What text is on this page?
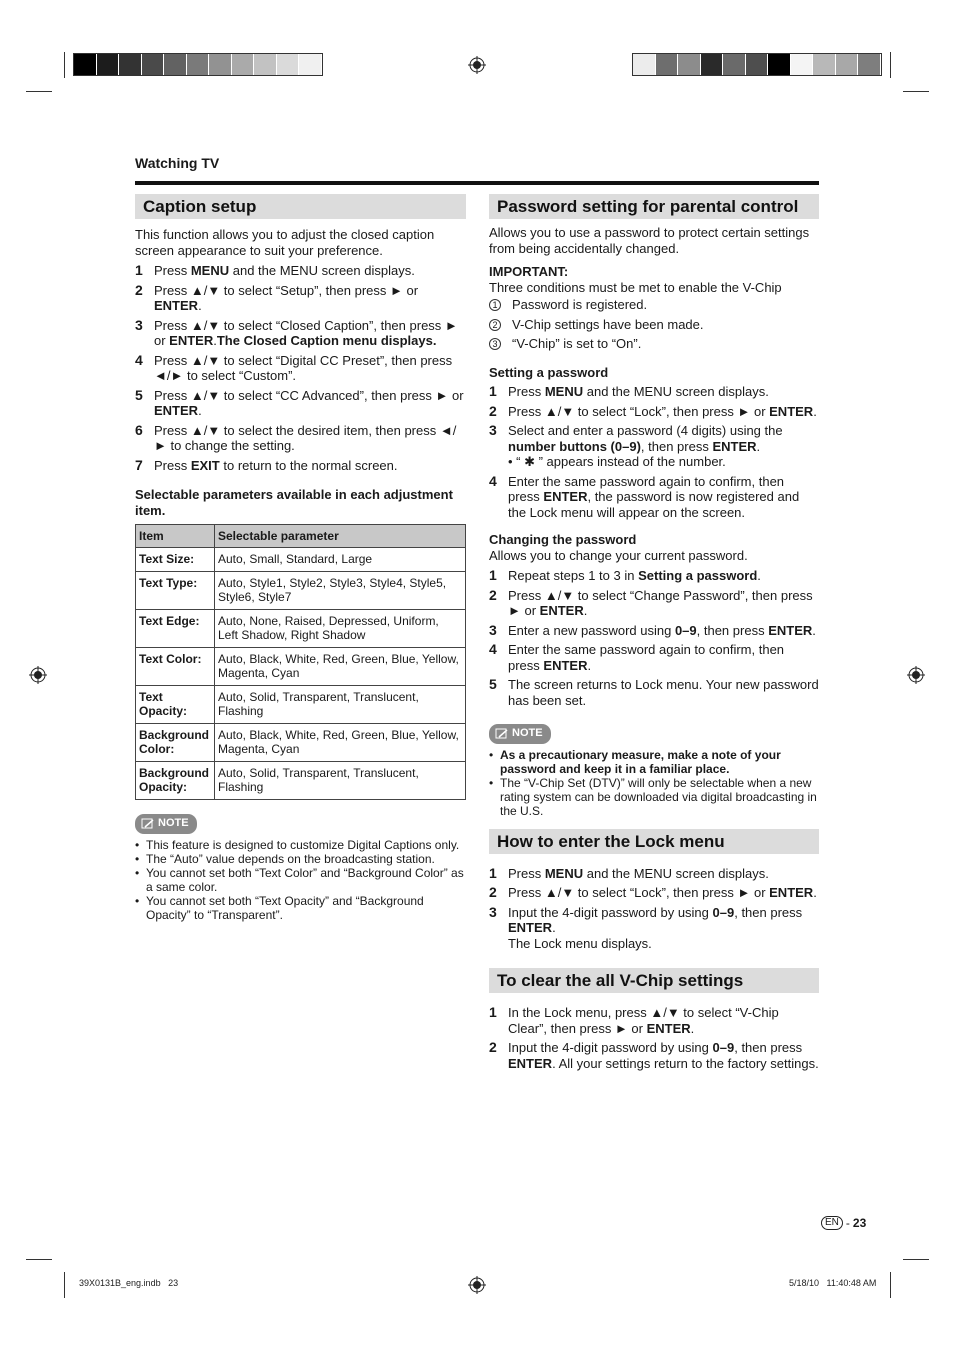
Watching TV
Caption setup
This function allows you to adjust the closed caption screen appearance to suit your preference.
1 Press MENU and the MENU screen displays.
2 Press ▲/▼ to select “Setup”, then press ► or ENTER.
3 Press ▲/▼ to select “Closed Caption”, then press ► or ENTER.The Closed Caption menu displays.
4 Press ▲/▼ to select “Digital CC Preset”, then press ◄/► to select “Custom”.
5 Press ▲/▼ to select “CC Advanced”, then press ► or ENTER.
6 Press ▲/▼ to select the desired item, then press ◄/► to change the setting.
7 Press EXIT to return to the normal screen.
Selectable parameters available in each adjustment item.
Item	Selectable parameter
Text Size:	Auto, Small, Standard, Large
Text Type:	Auto, Style1, Style2, Style3, Style4, Style5, Style6, Style7
Text Edge:	Auto, None, Raised, Depressed, Uniform, Left Shadow, Right Shadow
Text Color:	Auto, Black, White, Red, Green, Blue, Yellow, Magenta, Cyan
Text Opacity:	Auto, Solid, Transparent, Translucent, Flashing
Background Color:	Auto, Black, White, Red, Green, Blue, Yellow, Magenta, Cyan
Background Opacity:	Auto, Solid, Transparent, Translucent, Flashing
NOTE
• This feature is designed to customize Digital Captions only.
• The “Auto” value depends on the broadcasting station.
• You cannot set both “Text Color” and “Background Color” as a same color.
• You cannot set both “Text Opacity” and “Background Opacity” to “Transparent”.
Password setting for parental control
Allows you to use a password to protect certain settings from being accidentally changed.
IMPORTANT:
Three conditions must be met to enable the V-Chip
1 Password is registered.
2 V-Chip settings have been made.
3 “V-Chip” is set to “On”.
Setting a password
1 Press MENU and the MENU screen displays.
2 Press ▲/▼ to select “Lock”, then press ► or ENTER.
3 Select and enter a password (4 digits) using the number buttons (0–9), then press ENTER.
• “ ✱ ” appears instead of the number.
4 Enter the same password again to confirm, then press ENTER, the password is now registered and the Lock menu will appear on the screen.
Changing the password
Allows you to change your current password.
1 Repeat steps 1 to 3 in Setting a password.
2 Press ▲/▼ to select “Change Password”, then press ► or ENTER.
3 Enter a new password using 0–9, then press ENTER.
4 Enter the same password again to confirm, then press ENTER.
5 The screen returns to Lock menu. Your new password has been set.
NOTE
• As a precautionary measure, make a note of your password and keep it in a familiar place.
• The “V-Chip Set (DTV)” will only be selectable when a new rating system can be downloaded via digital broadcasting in the U.S.
How to enter the Lock menu
1 Press MENU and the MENU screen displays.
2 Press ▲/▼ to select “Lock”, then press ► or ENTER.
3 Input the 4-digit password by using 0–9, then press ENTER.
The Lock menu displays.
To clear the all V-Chip settings
1 In the Lock menu, press ▲/▼ to select “V-Chip Clear”, then press ► or ENTER.
2 Input the 4-digit password by using 0–9, then press ENTER. All your settings return to the factory settings.
EN - 23
39X0131B_eng.indb   23	5/18/10   11:40:48 AM
